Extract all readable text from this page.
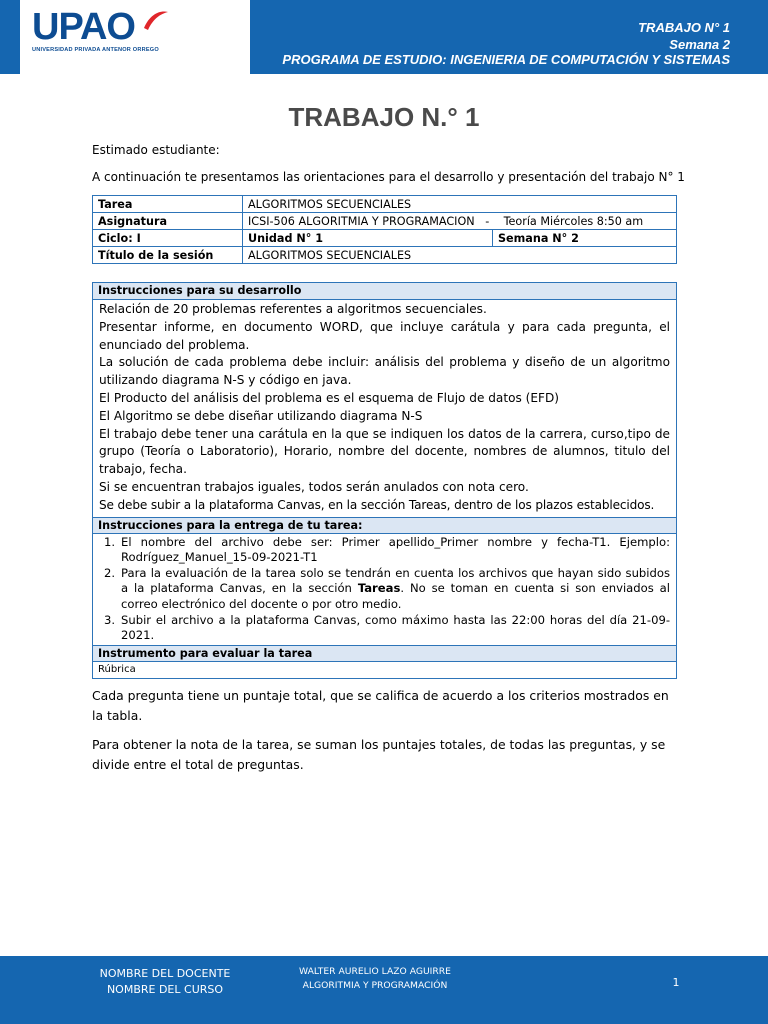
UPAO
UNIVERSIDAD PRIVADA ANTENOR ORREGO
TRABAJO N° 1
Semana 2
PROGRAMA DE ESTUDIO: INGENIERIA DE COMPUTACIÓN Y SISTEMAS
TRABAJO N.° 1
Estimado estudiante:
A continuación te presentamos las orientaciones para el desarrollo y presentación del trabajo N° 1
Tarea	ALGORITMOS SECUENCIALES	
Asignatura	ICSI-506 ALGORITMIA Y PROGRAMACION   -    Teoría Miércoles 8:50 am	
Ciclo: I	Unidad N° 1	Semana N° 2
Título de la sesión	ALGORITMOS SECUENCIALES	
Instrucciones para su desarrollo

Relación de 20 problemas referentes a algoritmos secuenciales.

Presentar informe, en documento WORD, que incluye carátula y para cada pregunta, el enunciado del problema.

La solución de cada problema debe incluir: análisis del problema y diseño de un algoritmo utilizando diagrama N-S y código en java.

El Producto del análisis del problema es el esquema de Flujo de datos (EFD)

El Algoritmo se debe diseñar utilizando diagrama N-S

El trabajo debe tener una carátula en la que se indiquen los datos de la carrera, curso,tipo de grupo (Teoría o Laboratorio), Horario, nombre del docente, nombres de alumnos, titulo del trabajo, fecha.

Si se encuentran trabajos iguales, todos serán anulados con nota cero.

Se debe subir a la plataforma Canvas, en la sección Tareas, dentro de los plazos establecidos.

Instrucciones para la entrega de tu tarea:
1. El nombre del archivo debe ser: Primer apellido_Primer nombre y fecha-T1. Ejemplo: Rodríguez_Manuel_15-09-2021-T1
2. Para la evaluación de la tarea solo se tendrán en cuenta los archivos que hayan sido subidos a la plataforma Canvas, en la sección Tareas. No se toman en cuenta si son enviados al correo electrónico del docente o por otro medio.
3. Subir el archivo a la plataforma Canvas, como máximo hasta las 22:00 horas del día 21-09-2021.
Instrumento para evaluar la tarea
Rúbrica
Cada pregunta tiene un puntaje total, que se califica de acuerdo a los criterios mostrados en la tabla.
Para obtener la nota de la tarea, se suman los puntajes totales, de todas las preguntas, y se divide entre el total de preguntas.
NOMBRE DEL DOCENTE
NOMBRE DEL CURSO
WALTER AURELIO LAZO AGUIRRE
ALGORITMIA Y PROGRAMACIÓN	1
